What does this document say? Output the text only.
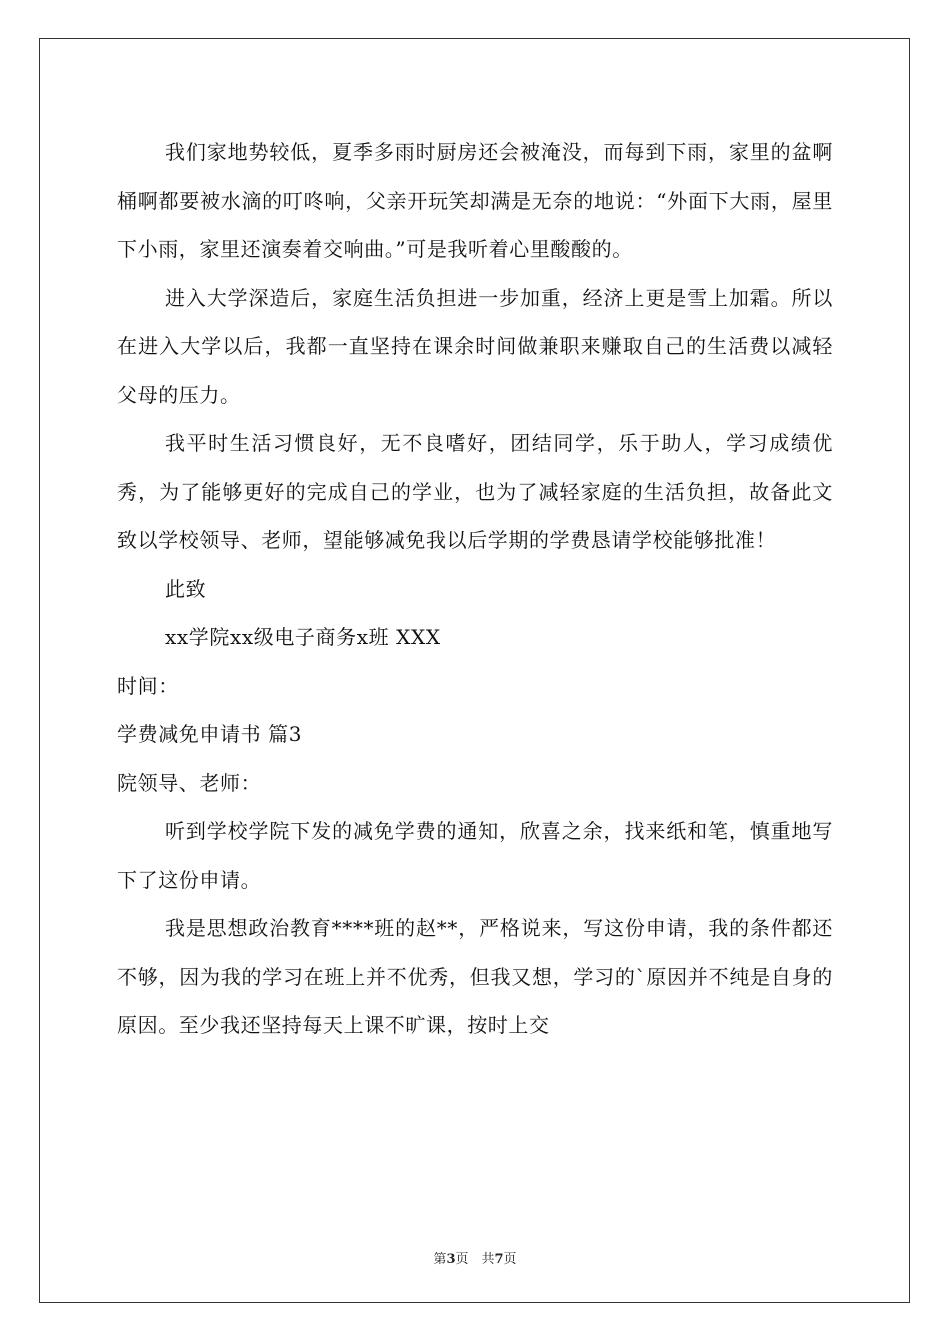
我们家地势较低，夏季多雨时厨房还会被淹没，而每到下雨，家里的盆啊桶啊都要被水滴的叮咚响，父亲开玩笑却满是无奈的地说：“外面下大雨，屋里下小雨，家里还演奏着交响曲。”可是我听着心里酸酸的。

进入大学深造后，家庭生活负担进一步加重，经济上更是雪上加霜。所以在进入大学以后，我都一直坚持在课余时间做兼职来赚取自己的生活费以减轻父母的压力。

我平时生活习惯良好，无不良嗜好，团结同学，乐于助人，学习成绩优秀，为了能够更好的完成自己的学业，也为了减轻家庭的生活负担，故备此文致以学校领导、老师，望能够减免我以后学期的学费恳请学校能够批准！

此致

xx学院xx级电子商务x班 XXX

时间：

学费减免申请书 篇3

院领导、老师：

听到学校学院下发的减免学费的通知，欣喜之余，找来纸和笔，慎重地写下了这份申请。

我是思想政治教育****班的赵**，严格说来，写这份申请，我的条件都还不够，因为我的学习在班上并不优秀，但我又想，学习的`原因并不纯是自身的原因。至少我还坚持每天上课不旷课，按时上交

第3页　共7页
